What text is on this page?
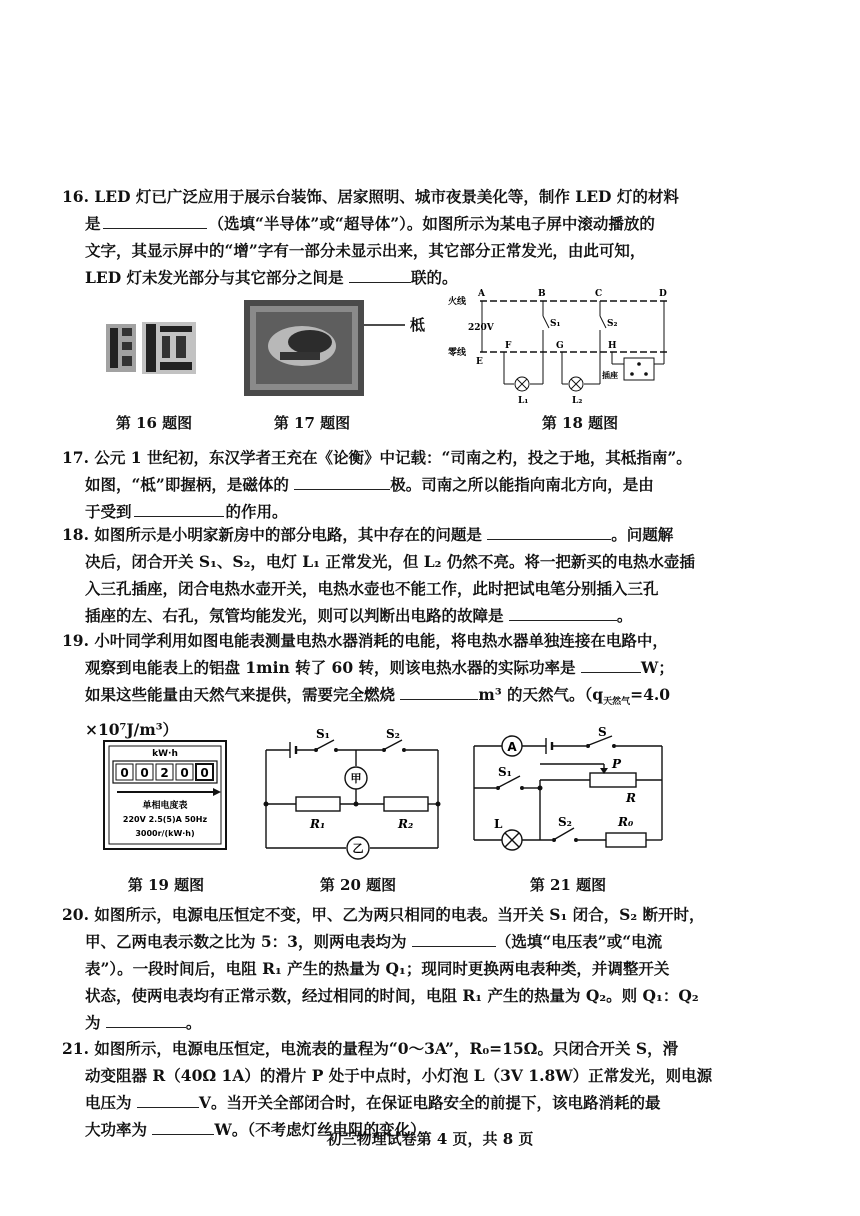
16. LED 灯已广泛应用于展示台装饰、居家照明、城市夜景美化等，制作 LED 灯的材料

是	（选填“半导体”或“超导体”）。如图所示为某电子屏中滚动播放的

文字，其显示屏中的“增”字有一部分未显示出来，其它部分正常发光，由此可知，

LED 灯未发光部分与其它部分之间是	联的。

柢
火线
零线
220V
A	B	C	D
E
F	G	H
S₁	S₂
L₁	L₂
插座
第 16 题图	第 17 题图	第 18 题图

17. 公元 1 世纪初，东汉学者王充在《论衡》中记载：“司南之杓，投之于地，其柢指南”。

如图，“柢”即握柄，是磁体的	极。司南之所以能指向南北方向，是由

于受到	的作用。

18. 如图所示是小明家新房中的部分电路，其中存在的问题是	。问题解

决后，闭合开关 S₁、S₂，电灯 L₁ 正常发光，但 L₂ 仍然不亮。将一把新买的电热水壶插

入三孔插座，闭合电热水壶开关，电热水壶也不能工作，此时把试电笔分别插入三孔

插座的左、右孔，氖管均能发光，则可以判断出电路的故障是	。

19. 小叶同学利用如图电能表测量电热水器消耗的电能，将电热水器单独连接在电路中，

观察到电能表上的铝盘 1min 转了 60 转，则该电热水器的实际功率是	W；

如果这些能量由天然气来提供，需要完全燃烧	m³ 的天然气。（$q_{天然气}=4.0$

×10⁷J/m³）

kW·h
0 0 2 0 0
单相电度表
220V 2.5(5)A 50Hz
3000r/(kW·h)
S₁	S₂
甲
乙
R₁	R₂
A
S
S₁
P
R
L	S₂	R₀
第 19 题图	第 20 题图	第 21 题图

20. 如图所示，电源电压恒定不变，甲、乙为两只相同的电表。当开关 S₁ 闭合，S₂ 断开时，

甲、乙两电表示数之比为 5：3，则两电表均为	（选填“电压表”或“电流

表”）。一段时间后，电阻 R₁ 产生的热量为 Q₁；现同时更换两电表种类，并调整开关

状态，使两电表均有正常示数，经过相同的时间，电阻 R₁ 产生的热量为 Q₂。则 Q₁：Q₂

为	。

21. 如图所示，电源电压恒定，电流表的量程为“0～3A”，R₀=15Ω。只闭合开关 S，滑

动变阻器 R（40Ω 1A）的滑片 P 处于中点时，小灯泡 L（3V 1.8W）正常发光，则电源

电压为	V。当开关全部闭合时，在保证电路安全的前提下，该电路消耗的最

大功率为	W。（不考虑灯丝电阻的变化）

初三物理试卷第 4 页，共 8 页
